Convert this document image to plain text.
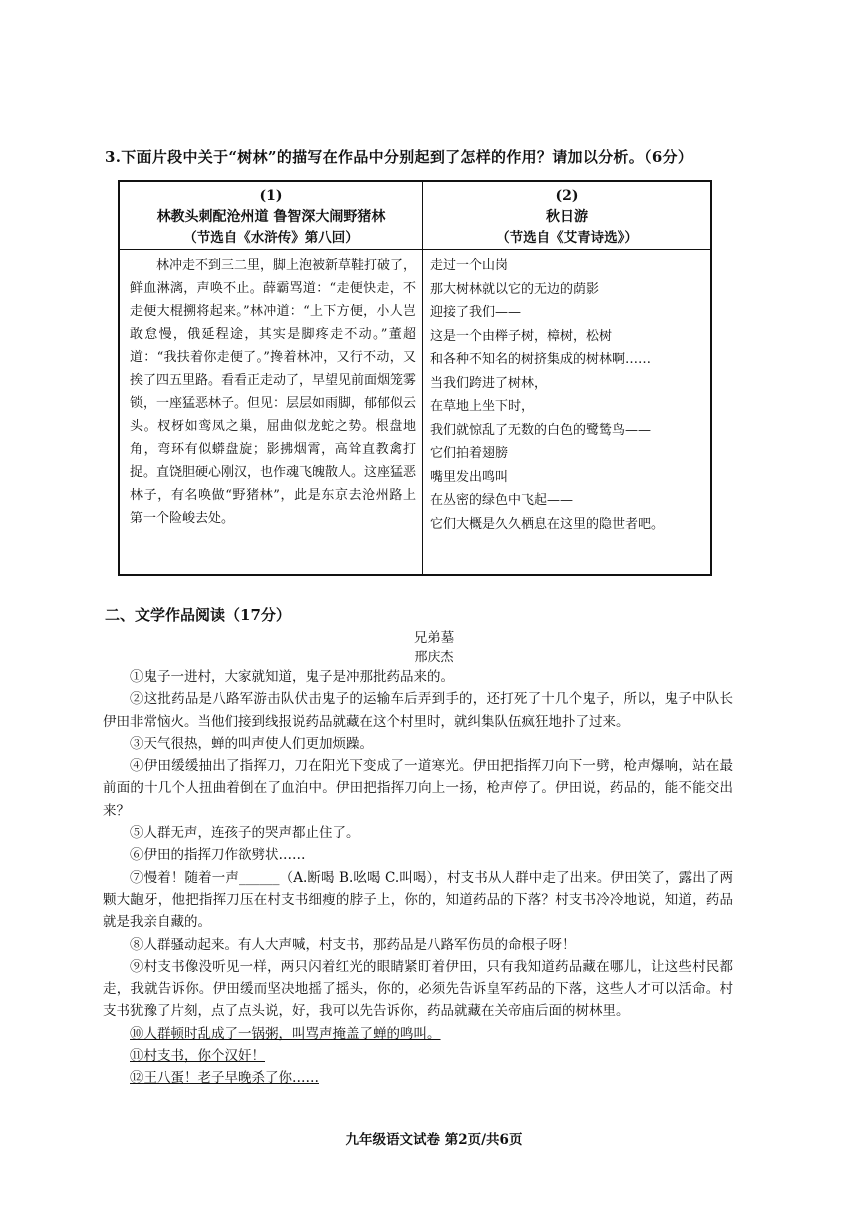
3.下面片段中关于“树林”的描写在作品中分别起到了怎样的作用？请加以分析。（6分）
(1)
林教头刺配沧州道 鲁智深大闹野猪林
（节选自《水浒传》第八回）
(2)
秋日游
（节选自《艾青诗选》）

林冲走不到三二里，脚上泡被新草鞋打破了，鲜血淋漓，声唤不止。薛霸骂道：“走便快走，不走便大棍搠将起来。”林冲道：“上下方便，小人岂敢怠慢，俄延程途，其实是脚疼走不动。”董超道：“我扶着你走便了。”搀着林冲，又行不动，又挨了四五里路。看看正走动了，早望见前面烟笼雾锁，一座猛恶林子。但见：层层如雨脚，郁郁似云头。杈枒如鸾凤之巢，屈曲似龙蛇之势。根盘地角，弯环有似蟒盘旋；影拂烟霄，高耸直教禽打捉。直饶胆硬心刚汉，也作魂飞魄散人。这座猛恶林子，有名唤做“野猪林”，此是东京去沧州路上第一个险峻去处。

走过一个山岗
那大树林就以它的无边的荫影
迎接了我们——
这是一个由榉子树，樟树，松树
和各种不知名的树挤集成的树林啊……
当我们跨进了树林，
在草地上坐下时，
我们就惊乱了无数的白色的鹭鸶鸟——
它们拍着翅膀
嘴里发出鸣叫
在丛密的绿色中飞起——
它们大概是久久栖息在这里的隐世者吧。
二、文学作品阅读（17分）
兄弟墓
邢庆杰

①鬼子一进村，大家就知道，鬼子是冲那批药品来的。

②这批药品是八路军游击队伏击鬼子的运输车后弄到手的，还打死了十几个鬼子，所以，鬼子中队长伊田非常恼火。当他们接到线报说药品就藏在这个村里时，就纠集队伍疯狂地扑了过来。

③天气很热，蝉的叫声使人们更加烦躁。

④伊田缓缓抽出了指挥刀，刀在阳光下变成了一道寒光。伊田把指挥刀向下一劈，枪声爆响，站在最前面的十几个人扭曲着倒在了血泊中。伊田把指挥刀向上一扬，枪声停了。伊田说，药品的，能不能交出来？

⑤人群无声，连孩子的哭声都止住了。

⑥伊田的指挥刀作欲劈状……

⑦慢着！随着一声______（A.断喝 B.吆喝 C.叫喝），村支书从人群中走了出来。伊田笑了，露出了两颗大龅牙，他把指挥刀压在村支书细瘦的脖子上，你的，知道药品的下落？村支书冷冷地说，知道，药品就是我亲自藏的。

⑧人群骚动起来。有人大声喊，村支书，那药品是八路军伤员的命根子呀！

⑨村支书像没听见一样，两只闪着红光的眼睛紧盯着伊田，只有我知道药品藏在哪儿，让这些村民都走，我就告诉你。伊田缓而坚决地摇了摇头，你的，必须先告诉皇军药品的下落，这些人才可以活命。村支书犹豫了片刻，点了点头说，好，我可以先告诉你，药品就藏在关帝庙后面的树林里。

⑩人群顿时乱成了一锅粥，叫骂声掩盖了蝉的鸣叫。

⑪村支书，你个汉奸！

⑫王八蛋！老子早晚杀了你……

九年级语文试卷 第2页/共6页
